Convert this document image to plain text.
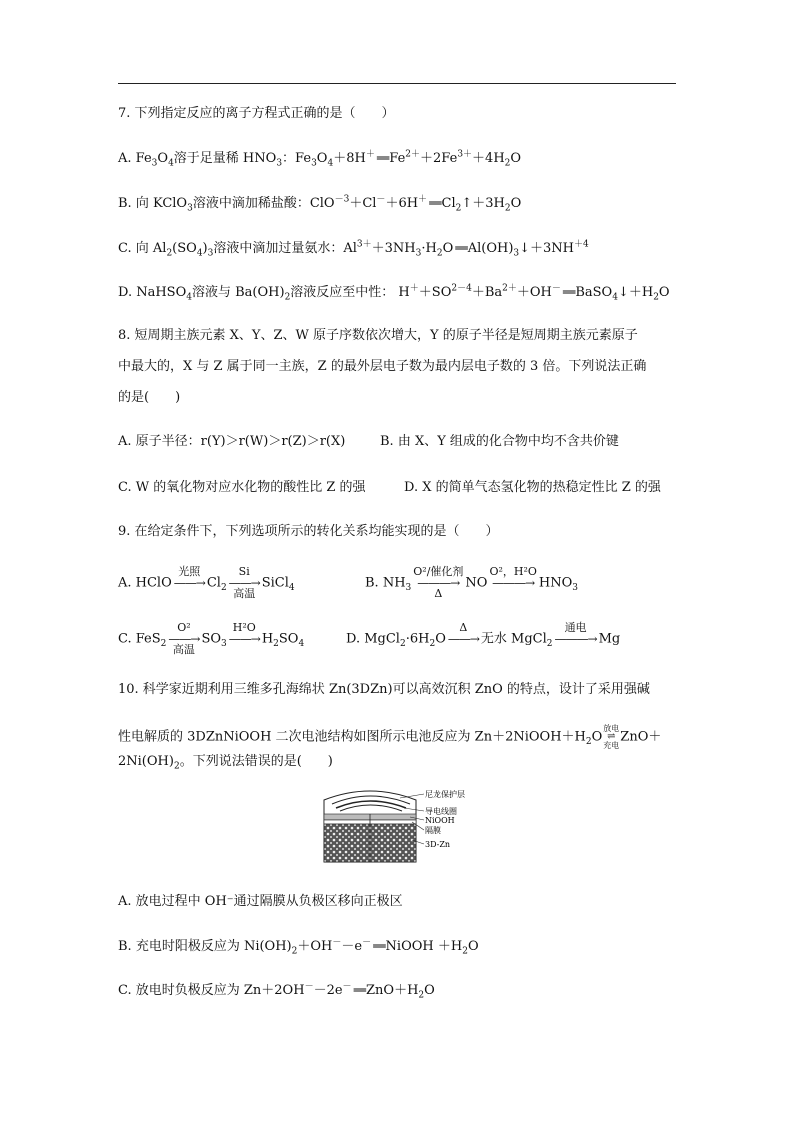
7. 下列指定反应的离子方程式正确的是（　　）
A. $Fe_3O_4$溶于足量稀 $HNO_3$：$Fe_3O_4+8H^+$ ══ $Fe^{2+}+2Fe^{3+}+4H_2O$
B. 向 KClO$_3$溶液中滴加稀盐酸：ClO$^{-3}$＋Cl－＋6H＋ ══ $Cl_2↑+3H_2O$
C. 向 $Al_2(SO_4)_3$溶液中滴加过量氨水：$Al^{3+}+3NH_3\cdot H_2O$ ══ $Al(OH)_3↓+3NH^{+4}$
D. NaHSO$_4$溶液与 $Ba(OH)_2$溶液反应至中性： $H^++SO^{2-4}+Ba^{2+}+OH^-$ ══ $BaSO_4↓+H_2O$
8. 短周期主族元素 X、Y、Z、W 原子序数依次增大，Y 的原子半径是短周期主族元素原子
中最大的，X 与 Z 属于同一主族，Z 的最外层电子数为最内层电子数的 3 倍。下列说法正确
的是(　　)
A. 原子半径：r(Y)＞r(W)＞r(Z)＞r(X)	B. 由 X、Y 组成的化合物中均不含共价键
C. W 的氧化物对应水化物的酸性比 Z 的强	D. X 的简单气态氢化物的热稳定性比 Z 的强
9. 在给定条件下，下列选项所示的转化关系均能实现的是（　　）
A. HClO
光照
——→ $Cl_2$
Si
——→
高温
SiCl$_4$	B. $NH_3$
O²/催化剂
———→
Δ
NO
O²，H²O
———→ $HNO_3$
C. FeS$_2$
O²
——→
高温
$SO_3$
H²O
——→ $H_2SO_4$	D. $MgCl_2\cdot 6H_2O$
Δ
——→ 无水 MgCl$_2$
通电
———→ Mg
10. 科学家近期利用三维多孔海绵状 Zn(3DZn)可以高效沉积 ZnO 的特点，设计了采用强碱
性电解质的 3DZnNiOOH 二次电池结构如图所示电池反应为 $Zn+2NiOOH+H_2O$
放电
⇌
充电
ZnO＋
$2Ni(OH)_2$。下列说法错误的是(　　)
尼龙保护层
导电线圈
NiOOH
隔膜
3D-Zn
A. 放电过程中 OH⁻通过隔膜从负极区移向正极区
B. 充电时阳极反应为 $Ni(OH)_2+OH^--e^-$ ══ NiOOH $+H_2O$
C. 放电时负极反应为 Zn＋2OH－－2e－ ══ $ZnO+H_2O$
